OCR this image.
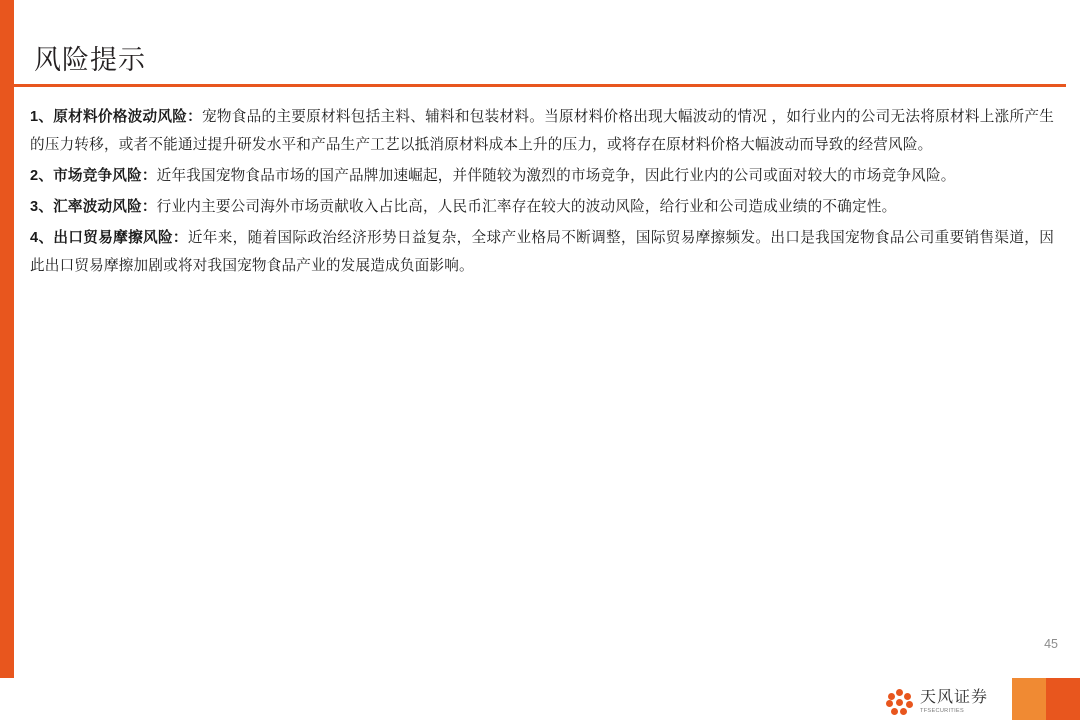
风险提示

1、原材料价格波动风险：宠物食品的主要原材料包括主料、辅料和包装材料。当原材料价格出现大幅波动的情况 ，如行业内的公司无法将原材料上涨所产生的压力转移，或者不能通过提升研发水平和产品生产工艺以抵消原材料成本上升的压力，或将存在原材料价格大幅波动而导致的经营风险。

2、市场竞争风险：近年我国宠物食品市场的国产品牌加速崛起，并伴随较为激烈的市场竞争，因此行业内的公司或面对较大的市场竞争风险。

3、汇率波动风险：行业内主要公司海外市场贡献收入占比高，人民币汇率存在较大的波动风险，给行业和公司造成业绩的不确定性。

4、出口贸易摩擦风险：近年来，随着国际政治经济形势日益复杂，全球产业格局不断调整，国际贸易摩擦频发。出口是我国宠物食品公司重要销售渠道，因此出口贸易摩擦加剧或将对我国宠物食品产业的发展造成负面影响。

45
天风证券
TFSECURITIES
